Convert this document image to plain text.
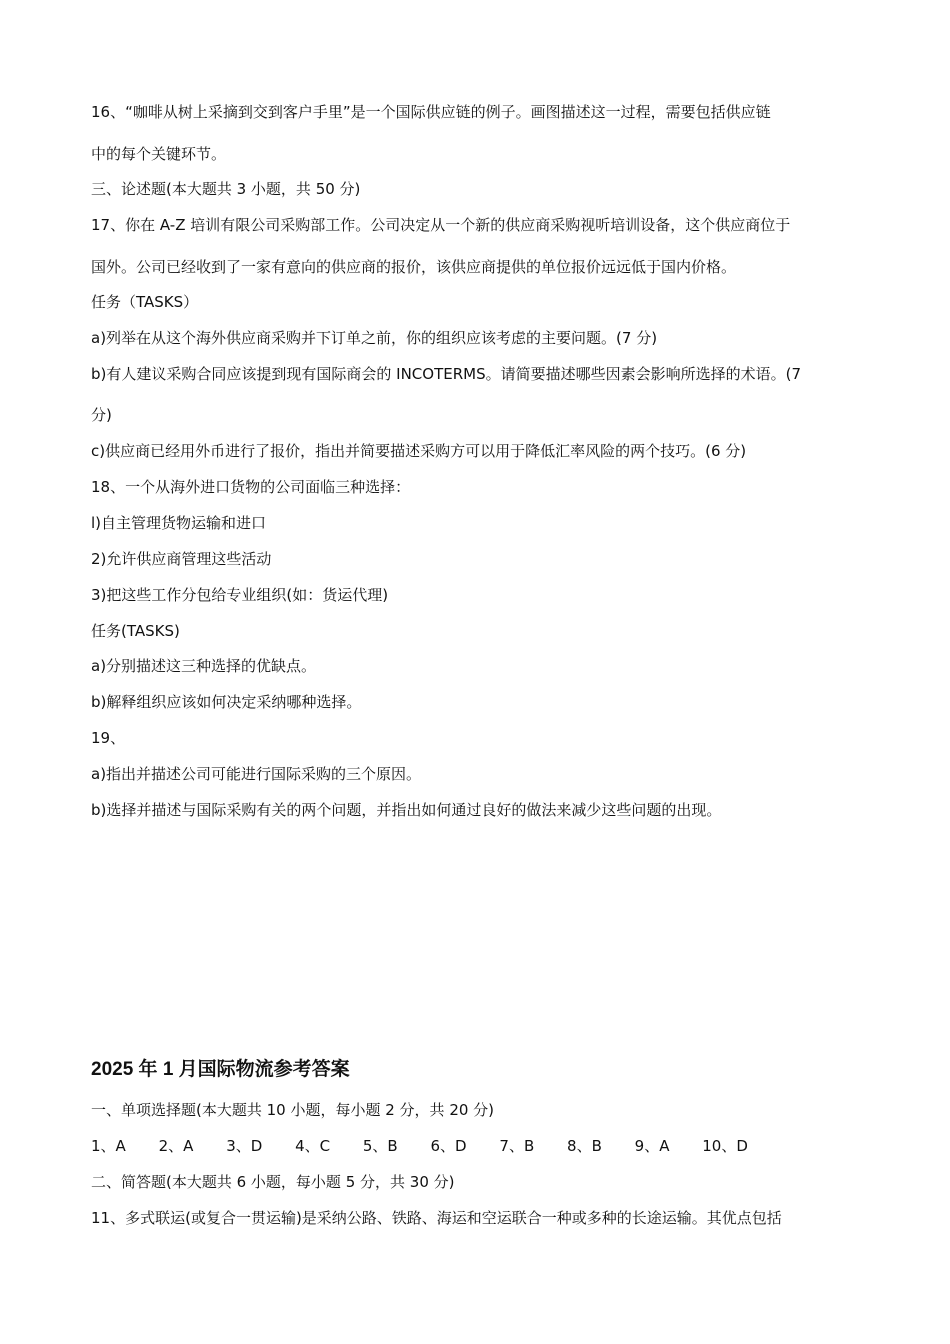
16、“咖啡从树上采摘到交到客户手里”是一个国际供应链的例子。画图描述这一过程，需要包括供应链
中的每个关键环节。
三、论述题(本大题共 3 小题，共 50 分)
17、你在 A-Z 培训有限公司采购部工作。公司决定从一个新的供应商采购视听培训设备，这个供应商位于
国外。公司已经收到了一家有意向的供应商的报价，该供应商提供的单位报价远远低于国内价格。
任务（TASKS）
a)列举在从这个海外供应商采购并下订单之前，你的组织应该考虑的主要问题。(7 分)
b)有人建议采购合同应该提到现有国际商会的 INCOTERMS。请简要描述哪些因素会影响所选择的术语。(7
分)
c)供应商已经用外币进行了报价，指出并简要描述采购方可以用于降低汇率风险的两个技巧。(6 分)
18、一个从海外进口货物的公司面临三种选择：
l)自主管理货物运输和进口
2)允许供应商管理这些活动
3)把这些工作分包给专业组织(如：货运代理)
任务(TASKS)
a)分别描述这三种选择的优缺点。
b)解释组织应该如何决定采纳哪种选择。
19、
a)指出并描述公司可能进行国际采购的三个原因。
b)选择并描述与国际采购有关的两个问题，并指出如何通过良好的做法来减少这些问题的出现。
2025 年 1 月国际物流参考答案
一、单项选择题(本大题共 10 小题，每小题 2 分，共 20 分)
1、A 2、A 3、D 4、C 5、B 6、D 7、B 8、B 9、A 10、D
二、简答题(本大题共 6 小题，每小题 5 分，共 30 分)
11、多式联运(或复合一贯运输)是采纳公路、铁路、海运和空运联合一种或多种的长途运输。其优点包括
